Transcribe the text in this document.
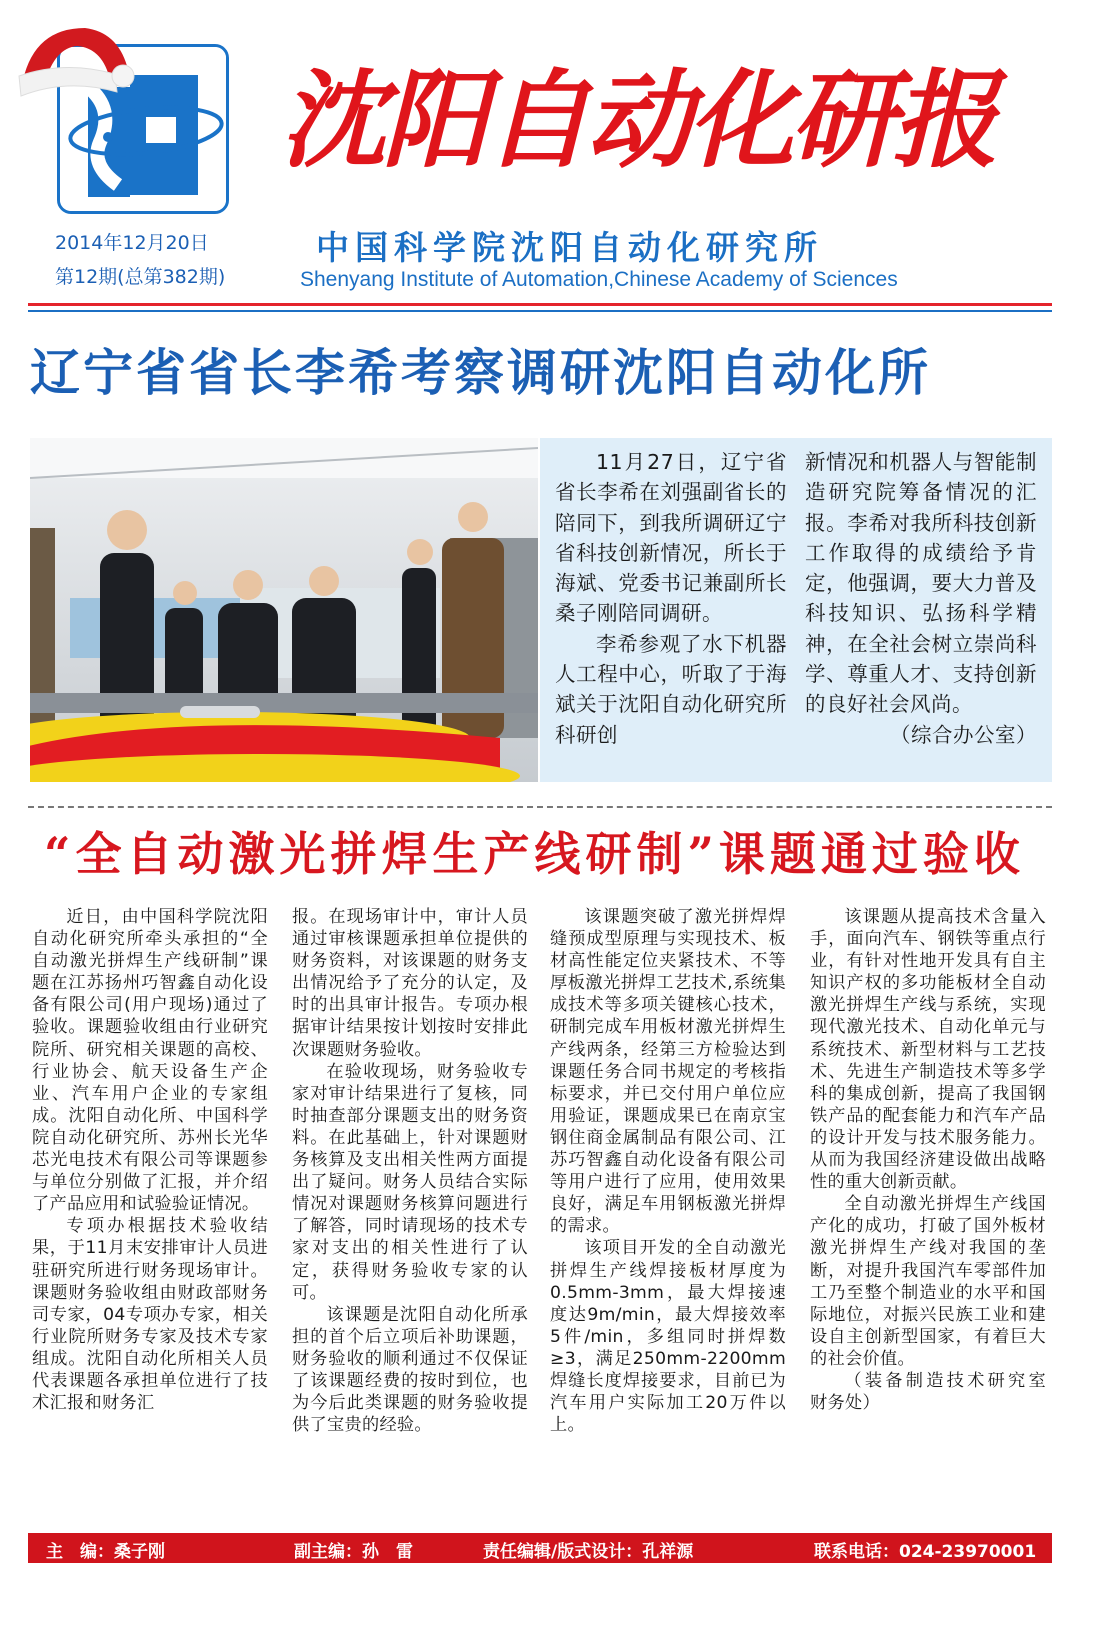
沈阳自动化研报
2014年12月20日
第12期(总第382期)
中国科学院沈阳自动化研究所
Shenyang Institute of Automation,Chinese Academy of Sciences
辽宁省省长李希考察调研沈阳自动化所

11月27日，辽宁省省长李希在刘强副省长的陪同下，到我所调研辽宁省科技创新情况，所长于海斌、党委书记兼副所长桑子刚陪同调研。

李希参观了水下机器人工程中心，听取了于海斌关于沈阳自动化研究所科研创

新情况和机器人与智能制造研究院筹备情况的汇报。李希对我所科技创新工作取得的成绩给予肯定，他强调，要大力普及科技知识、弘扬科学精神，在全社会树立崇尚科学、尊重人才、支持创新的良好社会风尚。

（综合办公室）

“全自动激光拼焊生产线研制”课题通过验收

近日，由中国科学院沈阳自动化研究所牵头承担的“全自动激光拼焊生产线研制”课题在江苏扬州巧智鑫自动化设备有限公司(用户现场)通过了验收。课题验收组由行业研究院所、研究相关课题的高校、行业协会、航天设备生产企业、汽车用户企业的专家组成。沈阳自动化所、中国科学院自动化研究所、苏州长光华芯光电技术有限公司等课题参与单位分别做了汇报，并介绍了产品应用和试验验证情况。

专项办根据技术验收结果，于11月末安排审计人员进驻研究所进行财务现场审计。课题财务验收组由财政部财务司专家，04专项办专家，相关行业院所财务专家及技术专家组成。沈阳自动化所相关人员代表课题各承担单位进行了技术汇报和财务汇

报。在现场审计中，审计人员通过审核课题承担单位提供的财务资料，对该课题的财务支出情况给予了充分的认定，及时的出具审计报告。专项办根据审计结果按计划按时安排此次课题财务验收。

在验收现场，财务验收专家对审计结果进行了复核，同时抽查部分课题支出的财务资料。在此基础上，针对课题财务核算及支出相关性两方面提出了疑问。财务人员结合实际情况对课题财务核算问题进行了解答，同时请现场的技术专家对支出的相关性进行了认定，获得财务验收专家的认可。

该课题是沈阳自动化所承担的首个后立项后补助课题，财务验收的顺利通过不仅保证了该课题经费的按时到位，也为今后此类课题的财务验收提供了宝贵的经验。

该课题突破了激光拼焊焊缝预成型原理与实现技术、板材高性能定位夹紧技术、不等厚板激光拼焊工艺技术,系统集成技术等多项关键核心技术，研制完成车用板材激光拼焊生产线两条，经第三方检验达到课题任务合同书规定的考核指标要求，并已交付用户单位应用验证，课题成果已在南京宝钢住商金属制品有限公司、江苏巧智鑫自动化设备有限公司等用户进行了应用，使用效果良好，满足车用钢板激光拼焊的需求。

该项目开发的全自动激光拼焊生产线焊接板材厚度为0.5mm-3mm，最大焊接速度达9m/min，最大焊接效率5件/min，多组同时拼焊数≥3，满足250mm-2200mm焊缝长度焊接要求，目前已为汽车用户实际加工20万件以上。

该课题从提高技术含量入手，面向汽车、钢铁等重点行业，有针对性地开发具有自主知识产权的多功能板材全自动激光拼焊生产线与系统，实现现代激光技术、自动化单元与系统技术、新型材料与工艺技术、先进生产制造技术等多学科的集成创新，提高了我国钢铁产品的配套能力和汽车产品的设计开发与技术服务能力。从而为我国经济建设做出战略性的重大创新贡献。

全自动激光拼焊生产线国产化的成功，打破了国外板材激光拼焊生产线对我国的垄断，对提升我国汽车零部件加工乃至整个制造业的水平和国际地位，对振兴民族工业和建设自主创新型国家，有着巨大的社会价值。

（装备制造技术研究室　财务处）

主　编：桑子刚	副主编：孙　雷	责任编辑/版式设计：孔祥源	联系电话：024-23970001
